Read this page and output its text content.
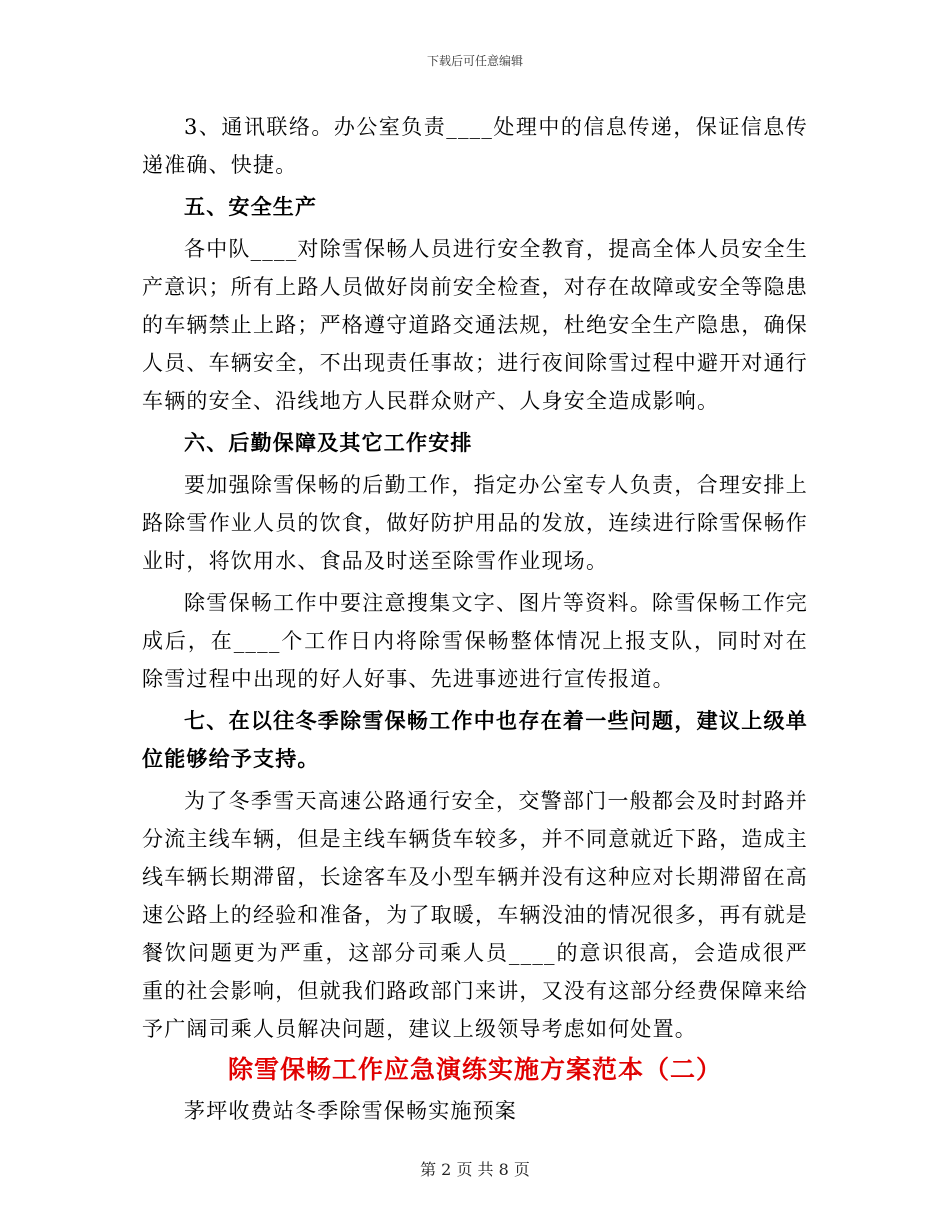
下载后可任意编辑

3、通讯联络。办公室负责____处理中的信息传递，保证信息传递准确、快捷。

五、安全生产

各中队____对除雪保畅人员进行安全教育，提高全体人员安全生产意识；所有上路人员做好岗前安全检查，对存在故障或安全等隐患的车辆禁止上路；严格遵守道路交通法规，杜绝安全生产隐患，确保人员、车辆安全，不出现责任事故；进行夜间除雪过程中避开对通行车辆的安全、沿线地方人民群众财产、人身安全造成影响。

六、后勤保障及其它工作安排

要加强除雪保畅的后勤工作，指定办公室专人负责，合理安排上路除雪作业人员的饮食，做好防护用品的发放，连续进行除雪保畅作业时，将饮用水、食品及时送至除雪作业现场。

除雪保畅工作中要注意搜集文字、图片等资料。除雪保畅工作完成后，在____个工作日内将除雪保畅整体情况上报支队，同时对在除雪过程中出现的好人好事、先进事迹进行宣传报道。

七、在以往冬季除雪保畅工作中也存在着一些问题，建议上级单位能够给予支持。

为了冬季雪天高速公路通行安全，交警部门一般都会及时封路并分流主线车辆，但是主线车辆货车较多，并不同意就近下路，造成主线车辆长期滞留，长途客车及小型车辆并没有这种应对长期滞留在高速公路上的经验和准备，为了取暖，车辆没油的情况很多，再有就是餐饮问题更为严重，这部分司乘人员____的意识很高，会造成很严重的社会影响，但就我们路政部门来讲，又没有这部分经费保障来给予广阔司乘人员解决问题，建议上级领导考虑如何处置。

除雪保畅工作应急演练实施方案范本（二）

茅坪收费站冬季除雪保畅实施预案

第 2 页 共 8 页
